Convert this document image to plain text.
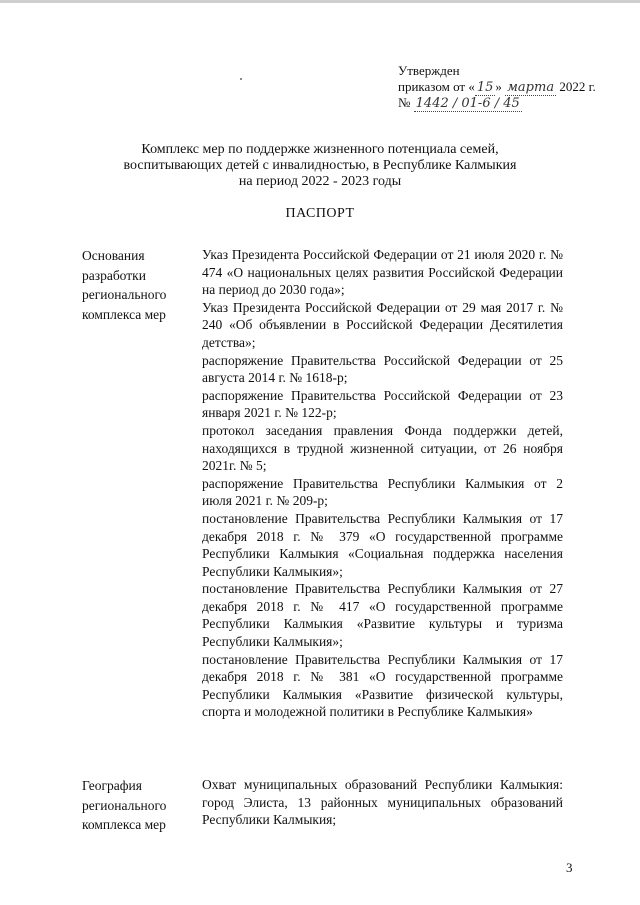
Утвержден
приказом от « 15 » марта 2022 г.
№ 1442 / 01-6 / 45
Комплекс мер по поддержке жизненного потенциала семей,
воспитывающих детей с инвалидностью, в Республике Калмыкия
на период 2022 - 2023 годы
ПАСПОРТ
Основания
разработки
регионального
комплекса мер

Указ Президента Российской Федерации от 21 июля 2020 г. № 474 «О национальных целях развития Российской Федерации на период до 2030 года»;

Указ Президента Российской Федерации от 29 мая 2017 г. № 240 «Об объявлении в Российской Федерации Десятилетия детства»;

распоряжение Правительства Российской Федерации от 25 августа 2014 г. № 1618-р;

распоряжение Правительства Российской Федерации от 23 января 2021 г. № 122-р;

протокол заседания правления Фонда поддержки детей, находящихся в трудной жизненной ситуации, от 26 ноября 2021г. № 5;

распоряжение Правительства Республики Калмыкия от 2 июля 2021 г. № 209-р;

постановление Правительства Республики Калмыкия от 17 декабря 2018 г. № 379 «О государственной программе Республики Калмыкия «Социальная поддержка населения Республики Калмыкия»;

постановление Правительства Республики Калмыкия от 27 декабря 2018 г. № 417 «О государственной программе Республики Калмыкия «Развитие культуры и туризма Республики Калмыкия»;

постановление Правительства Республики Калмыкия от 17 декабря 2018 г. № 381 «О государственной программе Республики Калмыкия «Развитие физической культуры, спорта и молодежной политики в Республике Калмыкия»

География
регионального
комплекса мер

Охват муниципальных образований Республики Калмыкия: город Элиста, 13 районных муниципальных образований Республики Калмыкия;

3
